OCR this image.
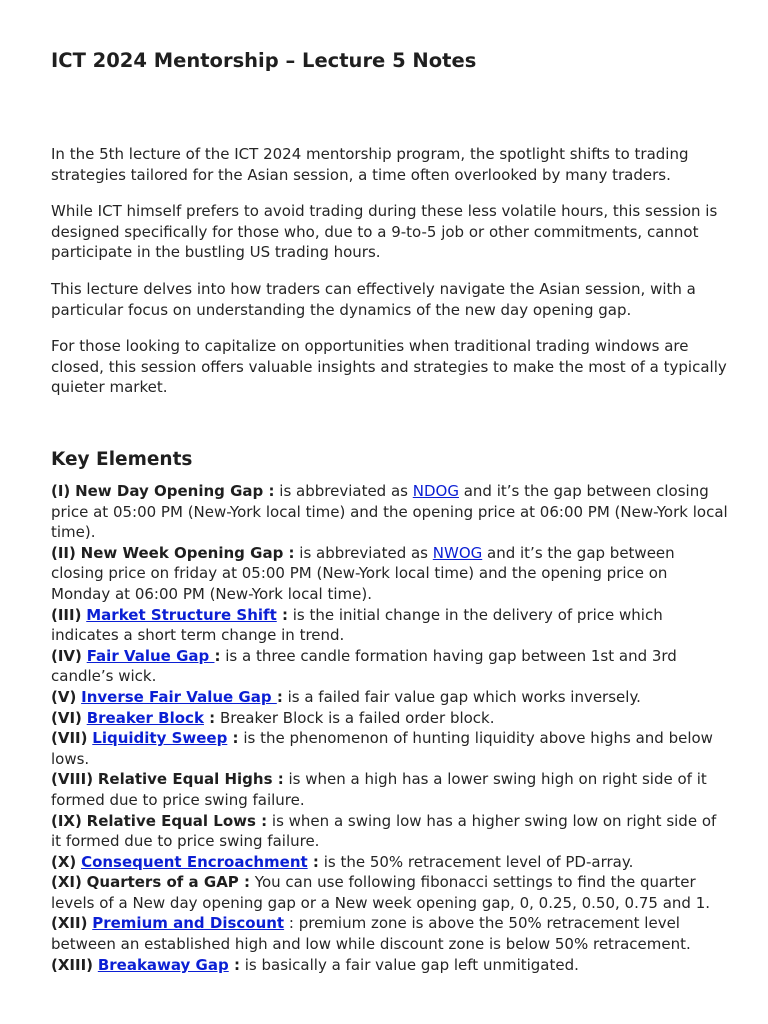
ICT 2024 Mentorship – Lecture 5 Notes

In the 5th lecture of the ICT 2024 mentorship program, the spotlight shifts to trading strategies tailored for the Asian session, a time often overlooked by many traders.

While ICT himself prefers to avoid trading during these less volatile hours, this session is designed specifically for those who, due to a 9-to-5 job or other commitments, cannot participate in the bustling US trading hours.

This lecture delves into how traders can effectively navigate the Asian session, with a particular focus on understanding the dynamics of the new day opening gap.

For those looking to capitalize on opportunities when traditional trading windows are closed, this session offers valuable insights and strategies to make the most of a typically quieter market.

Key Elements

(I) New Day Opening Gap : is abbreviated as NDOG and it’s the gap between closing price at 05:00 PM (New-York local time) and the opening price at 06:00 PM (New-York local time).

(II) New Week Opening Gap : is abbreviated as NWOG and it’s the gap between closing price on friday at 05:00 PM (New-York local time) and the opening price on Monday at 06:00 PM (New-York local time).

(III) Market Structure Shift : is the initial change in the delivery of price which indicates a short term change in trend.

(IV) Fair Value Gap : is a three candle formation having gap between 1st and 3rd candle’s wick.

(V) Inverse Fair Value Gap : is a failed fair value gap which works inversely.

(VI) Breaker Block : Breaker Block is a failed order block.

(VII) Liquidity Sweep : is the phenomenon of hunting liquidity above highs and below lows.

(VIII) Relative Equal Highs : is when a high has a lower swing high on right side of it formed due to price swing failure.

(IX) Relative Equal Lows : is when a swing low has a higher swing low on right side of it formed due to price swing failure.

(X) Consequent Encroachment : is the 50% retracement level of PD-array.

(XI) Quarters of a GAP : You can use following fibonacci settings to find the quarter levels of a New day opening gap or a New week opening gap, 0, 0.25, 0.50, 0.75 and 1.

(XII) Premium and Discount : premium zone is above the 50% retracement level between an established high and low while discount zone is below 50% retracement.

(XIII) Breakaway Gap : is basically a fair value gap left unmitigated.
